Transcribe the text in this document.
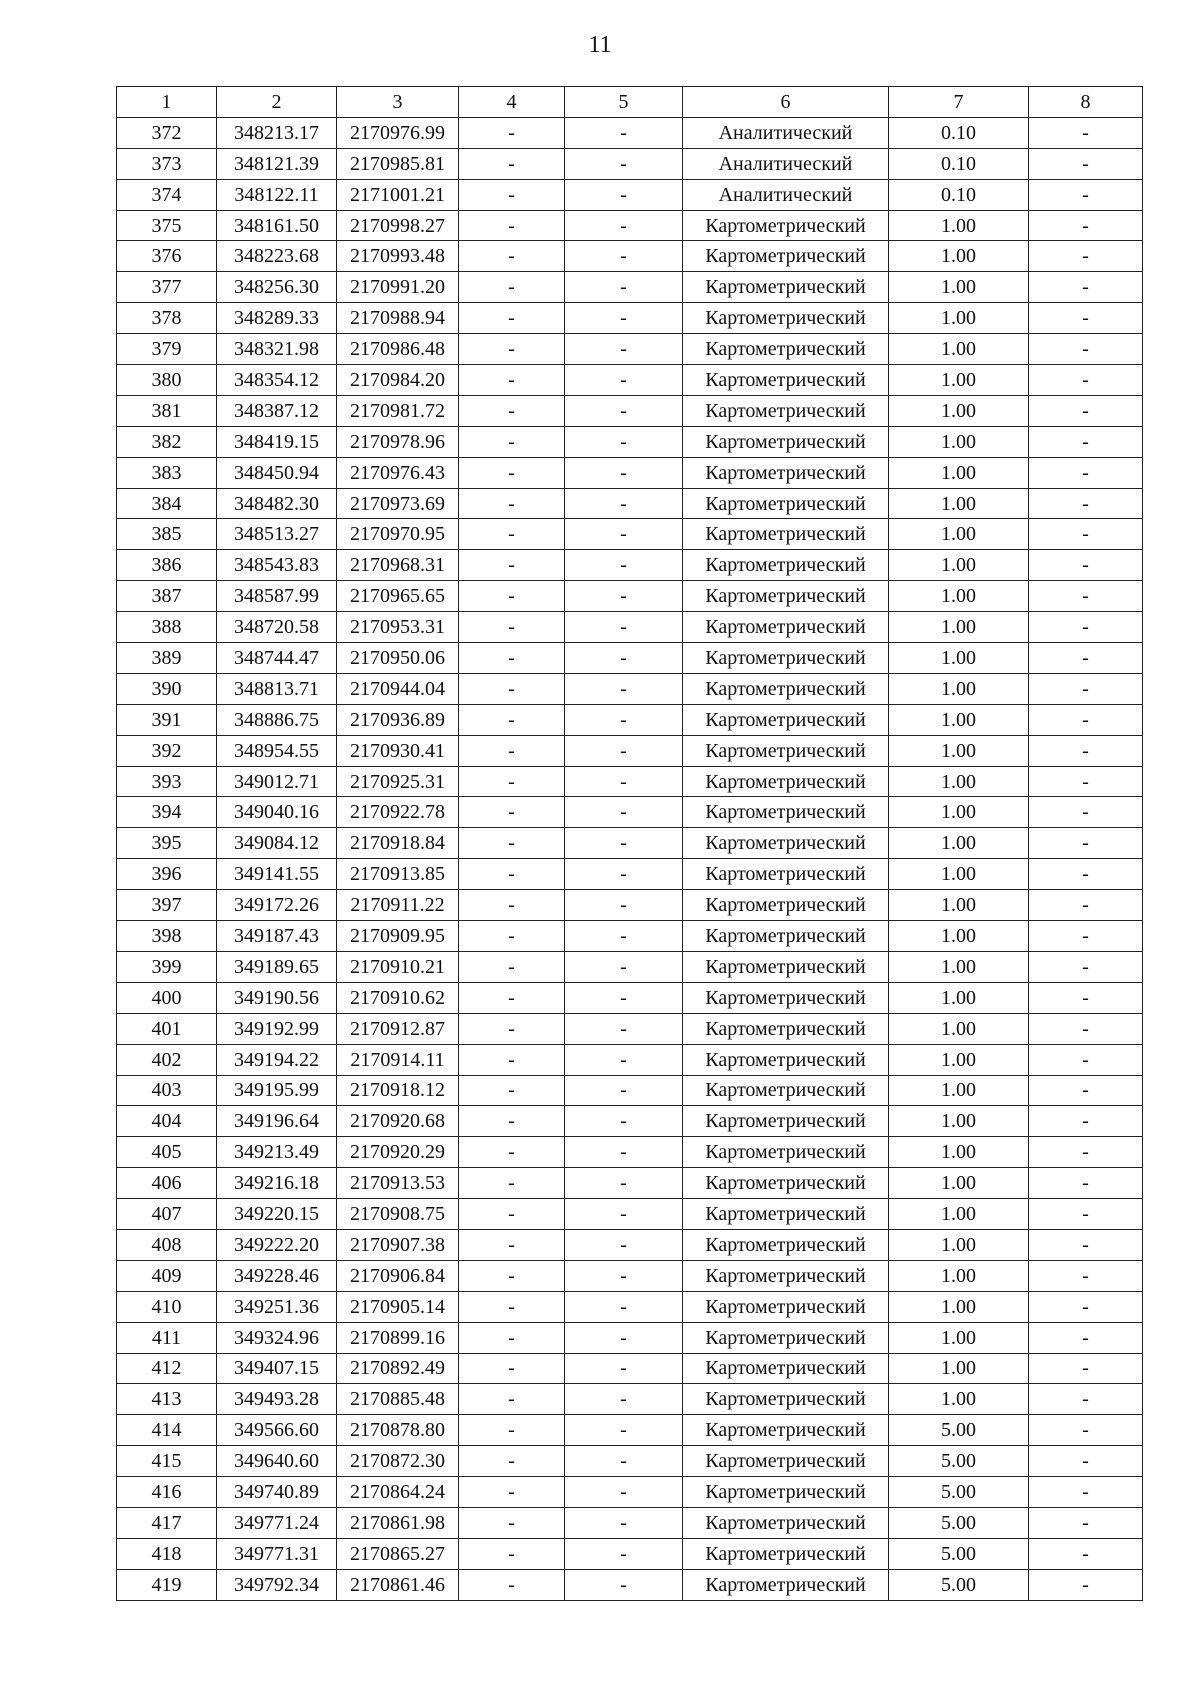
11
1	2	3	4	5	6	7	8
372	348213.17	2170976.99	-	-	Аналитический	0.10	-
373	348121.39	2170985.81	-	-	Аналитический	0.10	-
374	348122.11	2171001.21	-	-	Аналитический	0.10	-
375	348161.50	2170998.27	-	-	Картометрический	1.00	-
376	348223.68	2170993.48	-	-	Картометрический	1.00	-
377	348256.30	2170991.20	-	-	Картометрический	1.00	-
378	348289.33	2170988.94	-	-	Картометрический	1.00	-
379	348321.98	2170986.48	-	-	Картометрический	1.00	-
380	348354.12	2170984.20	-	-	Картометрический	1.00	-
381	348387.12	2170981.72	-	-	Картометрический	1.00	-
382	348419.15	2170978.96	-	-	Картометрический	1.00	-
383	348450.94	2170976.43	-	-	Картометрический	1.00	-
384	348482.30	2170973.69	-	-	Картометрический	1.00	-
385	348513.27	2170970.95	-	-	Картометрический	1.00	-
386	348543.83	2170968.31	-	-	Картометрический	1.00	-
387	348587.99	2170965.65	-	-	Картометрический	1.00	-
388	348720.58	2170953.31	-	-	Картометрический	1.00	-
389	348744.47	2170950.06	-	-	Картометрический	1.00	-
390	348813.71	2170944.04	-	-	Картометрический	1.00	-
391	348886.75	2170936.89	-	-	Картометрический	1.00	-
392	348954.55	2170930.41	-	-	Картометрический	1.00	-
393	349012.71	2170925.31	-	-	Картометрический	1.00	-
394	349040.16	2170922.78	-	-	Картометрический	1.00	-
395	349084.12	2170918.84	-	-	Картометрический	1.00	-
396	349141.55	2170913.85	-	-	Картометрический	1.00	-
397	349172.26	2170911.22	-	-	Картометрический	1.00	-
398	349187.43	2170909.95	-	-	Картометрический	1.00	-
399	349189.65	2170910.21	-	-	Картометрический	1.00	-
400	349190.56	2170910.62	-	-	Картометрический	1.00	-
401	349192.99	2170912.87	-	-	Картометрический	1.00	-
402	349194.22	2170914.11	-	-	Картометрический	1.00	-
403	349195.99	2170918.12	-	-	Картометрический	1.00	-
404	349196.64	2170920.68	-	-	Картометрический	1.00	-
405	349213.49	2170920.29	-	-	Картометрический	1.00	-
406	349216.18	2170913.53	-	-	Картометрический	1.00	-
407	349220.15	2170908.75	-	-	Картометрический	1.00	-
408	349222.20	2170907.38	-	-	Картометрический	1.00	-
409	349228.46	2170906.84	-	-	Картометрический	1.00	-
410	349251.36	2170905.14	-	-	Картометрический	1.00	-
411	349324.96	2170899.16	-	-	Картометрический	1.00	-
412	349407.15	2170892.49	-	-	Картометрический	1.00	-
413	349493.28	2170885.48	-	-	Картометрический	1.00	-
414	349566.60	2170878.80	-	-	Картометрический	5.00	-
415	349640.60	2170872.30	-	-	Картометрический	5.00	-
416	349740.89	2170864.24	-	-	Картометрический	5.00	-
417	349771.24	2170861.98	-	-	Картометрический	5.00	-
418	349771.31	2170865.27	-	-	Картометрический	5.00	-
419	349792.34	2170861.46	-	-	Картометрический	5.00	-
